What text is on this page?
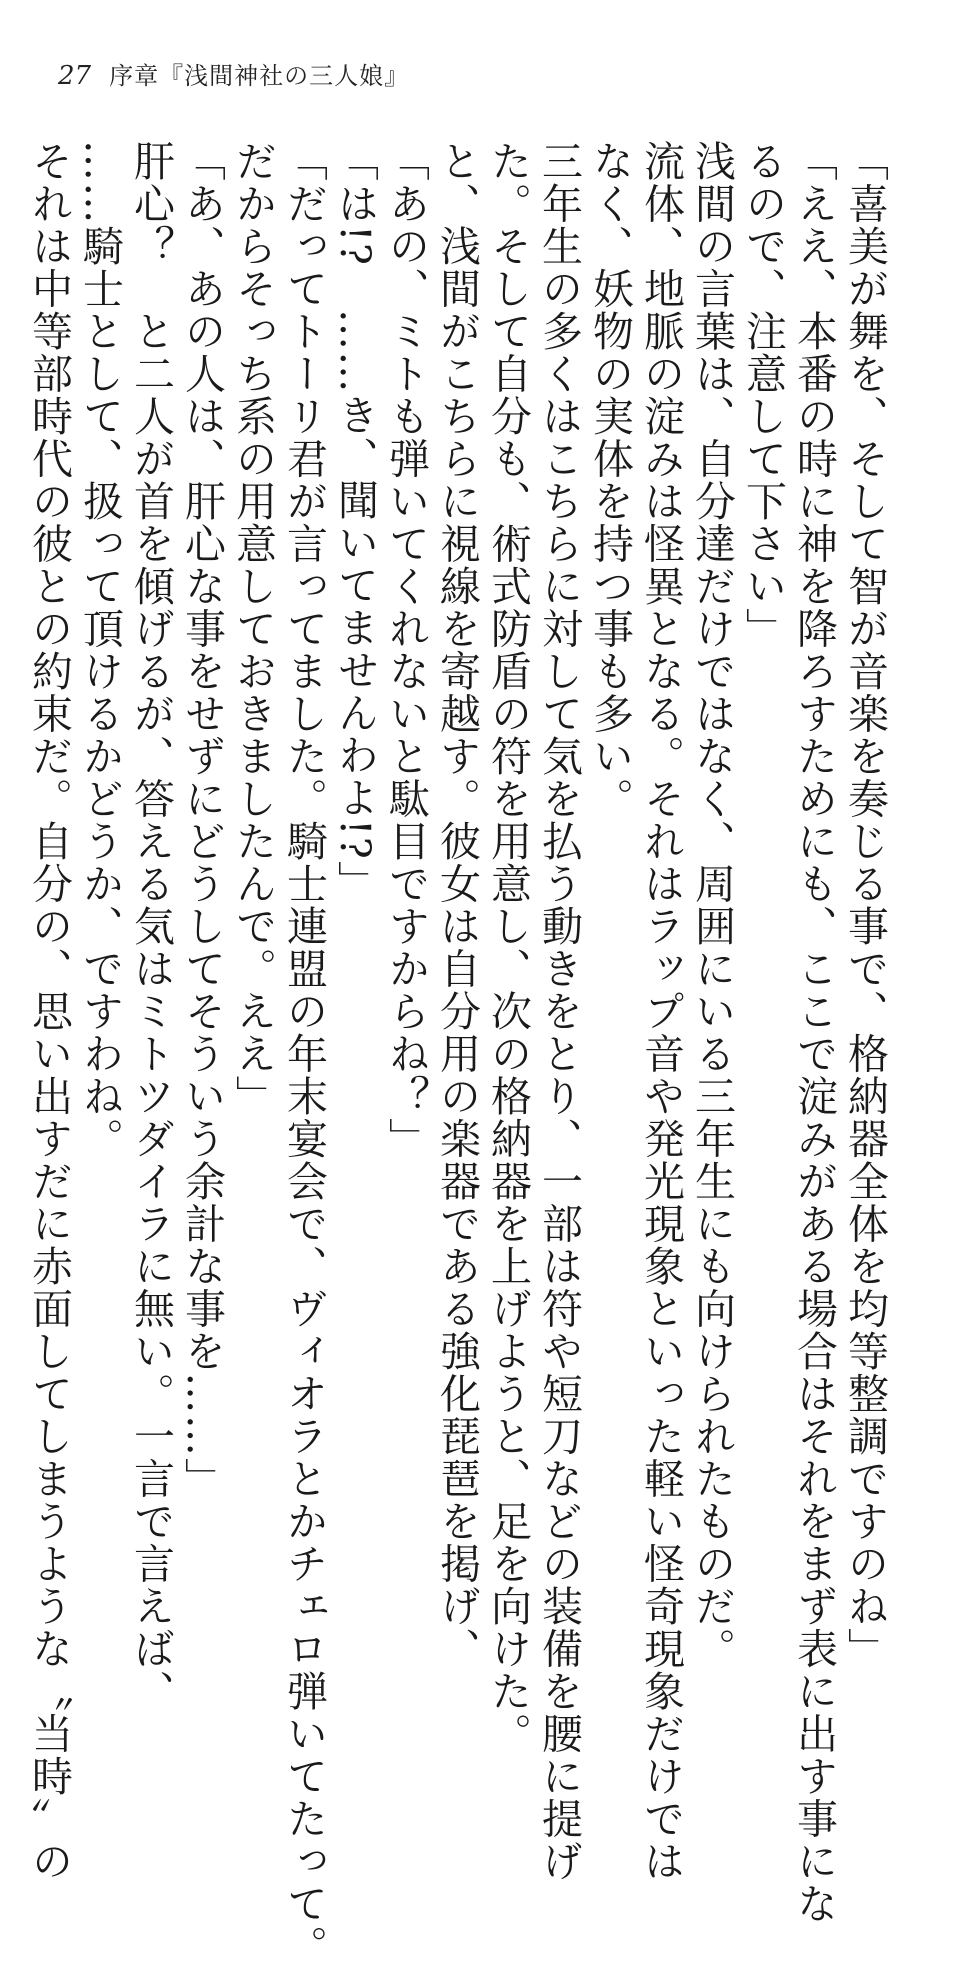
27 序章『浅間神社の三人娘』
「喜美が舞を、そして智が音楽を奏じる事で、格納器全体を均等整調ですのね」
「ええ、本番の時に神を降ろすためにも、ここで淀みがある場合はそれをまず表に出す事にな
るので、注意して下さい」
浅間の言葉は、自分達だけではなく、周囲にいる三年生にも向けられたものだ。
流体、地脈の淀みは怪異となる。それはラップ音や発光現象といった軽い怪奇現象だけでは
なく、妖物の実体を持つ事も多い。
三年生の多くはこちらに対して気を払う動きをとり、一部は符や短刀などの装備を腰に提げ
た。そして自分も、術式防盾の符を用意し、次の格納器を上げようと、足を向けた。
と、浅間がこちらに視線を寄越す。彼女は自分用の楽器である強化琵琶を掲げ、
「あの、ミトも弾いてくれないと駄目ですからね？」
「は!?　……き、聞いてませんわよ!?」
「だってトーリ君が言ってました。騎士連盟の年末宴会で、ヴィオラとかチェロ弾いてたって。
だからそっち系の用意しておきましたんで。ええ」
「あ、あの人は、肝心な事をせずにどうしてそういう余計な事を……」
肝心？　と二人が首を傾げるが、答える気はミトツダイラに無い。一言で言えば、
……騎士として、扱って頂けるかどうか、ですわね。
それは中等部時代の彼との約束だ。自分の、思い出すだに赤面してしまうような〝当時〟の
